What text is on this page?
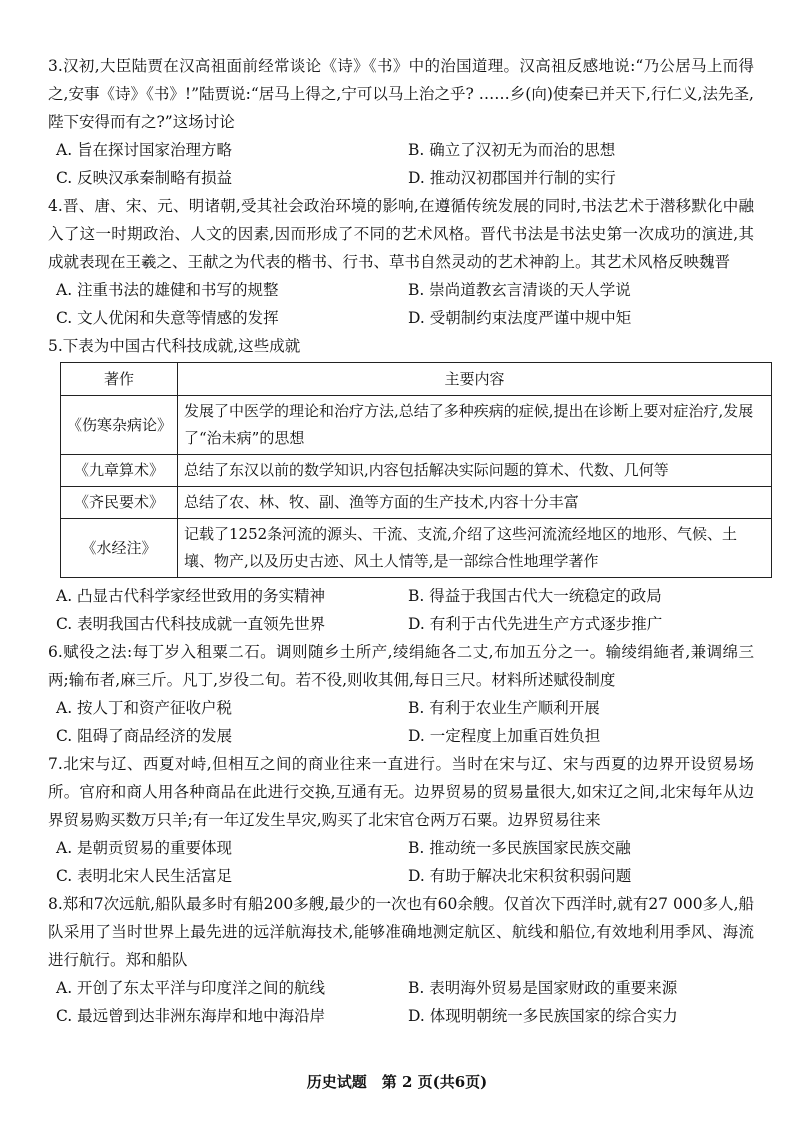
3.汉初,大臣陆贾在汉高祖面前经常谈论《诗》《书》中的治国道理。汉高祖反感地说:“乃公居马上而得之,安事《诗》《书》!”陆贾说:“居马上得之,宁可以马上治之乎? ……乡(向)使秦已并天下,行仁义,法先圣,陛下安得而有之?”这场讨论

A. 旨在探讨国家治理方略	B. 确立了汉初无为而治的思想
C. 反映汉承秦制略有损益	D. 推动汉初郡国并行制的实行

4.晋、唐、宋、元、明诸朝,受其社会政治环境的影响,在遵循传统发展的同时,书法艺术于潜移默化中融入了这一时期政治、人文的因素,因而形成了不同的艺术风格。晋代书法是书法史第一次成功的演进,其成就表现在王羲之、王献之为代表的楷书、行书、草书自然灵动的艺术神韵上。其艺术风格反映魏晋

A. 注重书法的雄健和书写的规整	B. 崇尚道教玄言清谈的天人学说
C. 文人优闲和失意等情感的发挥	D. 受朝制约束法度严谨中规中矩

5.下表为中国古代科技成就,这些成就

著作	主要内容
《伤寒杂病论》	发展了中医学的理论和治疗方法,总结了多种疾病的症候,提出在诊断上要对症治疗,发展了“治未病”的思想
《九章算术》	总结了东汉以前的数学知识,内容包括解决实际问题的算术、代数、几何等
《齐民要术》	总结了农、林、牧、副、渔等方面的生产技术,内容十分丰富
《水经注》	记载了1252条河流的源头、干流、支流,介绍了这些河流流经地区的地形、气候、土壤、物产,以及历史古迹、风土人情等,是一部综合性地理学著作
A. 凸显古代科学家经世致用的务实精神	B. 得益于我国古代大一统稳定的政局
C. 表明我国古代科技成就一直领先世界	D. 有利于古代先进生产方式逐步推广

6.赋役之法:每丁岁入租粟二石。调则随乡土所产,绫绢絁各二丈,布加五分之一。输绫绢絁者,兼调绵三两;输布者,麻三斤。凡丁,岁役二旬。若不役,则收其佣,每日三尺。材料所述赋役制度

A. 按人丁和资产征收户税	B. 有利于农业生产顺利开展
C. 阻碍了商品经济的发展	D. 一定程度上加重百姓负担

7.北宋与辽、西夏对峙,但相互之间的商业往来一直进行。当时在宋与辽、宋与西夏的边界开设贸易场所。官府和商人用各种商品在此进行交换,互通有无。边界贸易的贸易量很大,如宋辽之间,北宋每年从边界贸易购买数万只羊;有一年辽发生旱灾,购买了北宋官仓两万石粟。边界贸易往来

A. 是朝贡贸易的重要体现	B. 推动统一多民族国家民族交融
C. 表明北宋人民生活富足	D. 有助于解决北宋积贫积弱问题

8.郑和7次远航,船队最多时有船200多艘,最少的一次也有60余艘。仅首次下西洋时,就有27 000多人,船队采用了当时世界上最先进的远洋航海技术,能够准确地测定航区、航线和船位,有效地利用季风、海流进行航行。郑和船队

A. 开创了东太平洋与印度洋之间的航线	B. 表明海外贸易是国家财政的重要来源
C. 最远曾到达非洲东海岸和地中海沿岸	D. 体现明朝统一多民族国家的综合实力
历史试题　第 2 页(共6页)
